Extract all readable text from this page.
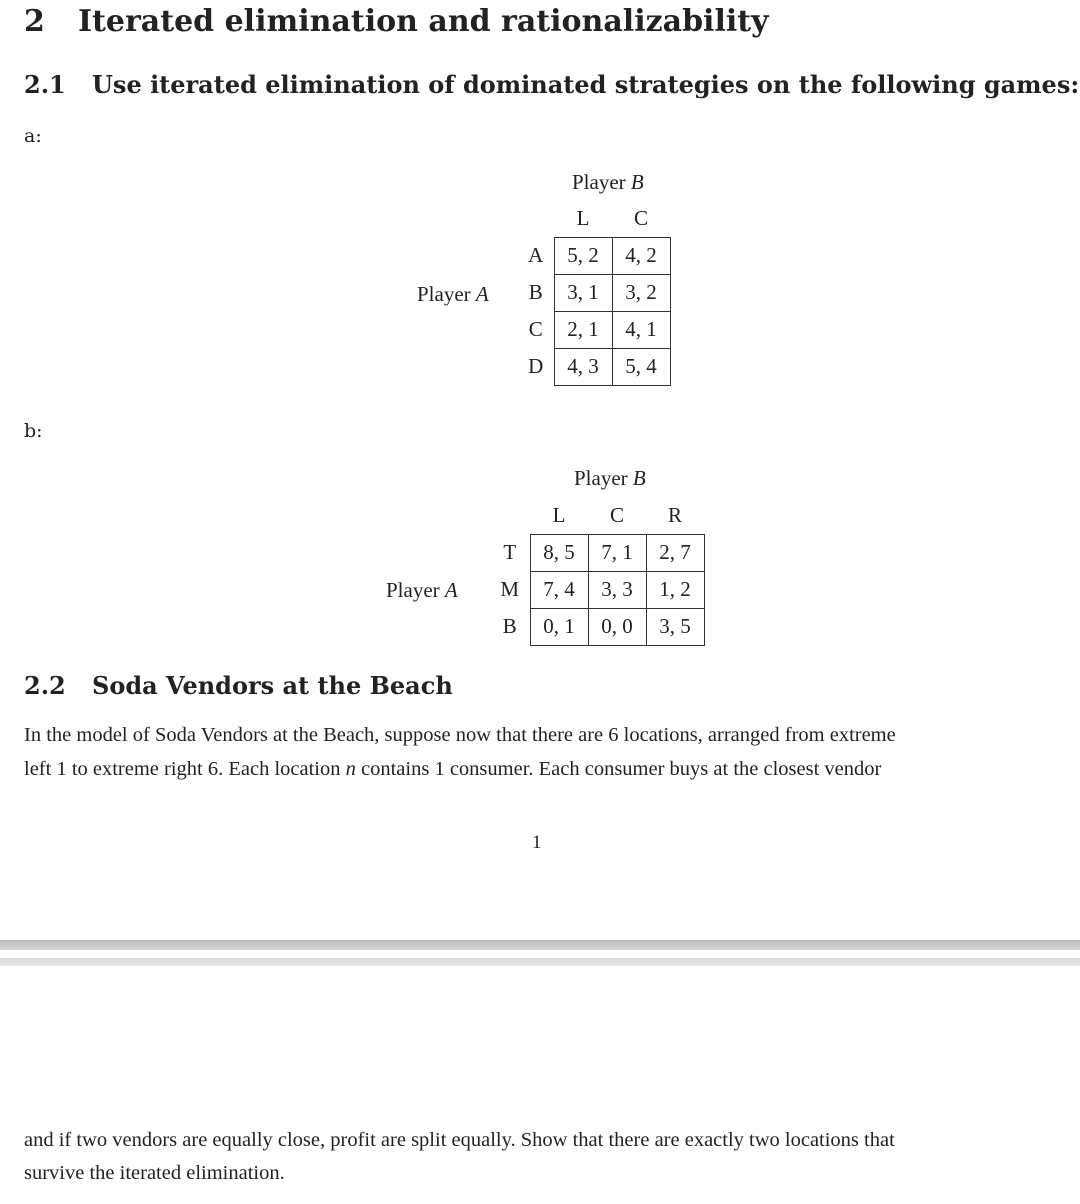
2 Iterated elimination and rationalizability
2.1 Use iterated elimination of dominated strategies on the following games:
a:
Player B
Player A
	L	C
A	5, 2	4, 2
B	3, 1	3, 2
C	2, 1	4, 1
D	4, 3	5, 4
b:
Player B
Player A
	L	C	R
T	8, 5	7, 1	2, 7
M	7, 4	3, 3	1, 2
B	0, 1	0, 0	3, 5
2.2 Soda Vendors at the Beach
In the model of Soda Vendors at the Beach, suppose now that there are 6 locations, arranged from extreme
left 1 to extreme right 6. Each location n contains 1 consumer. Each consumer buys at the closest vendor
1
and if two vendors are equally close, profit are split equally. Show that there are exactly two locations that
survive the iterated elimination.
